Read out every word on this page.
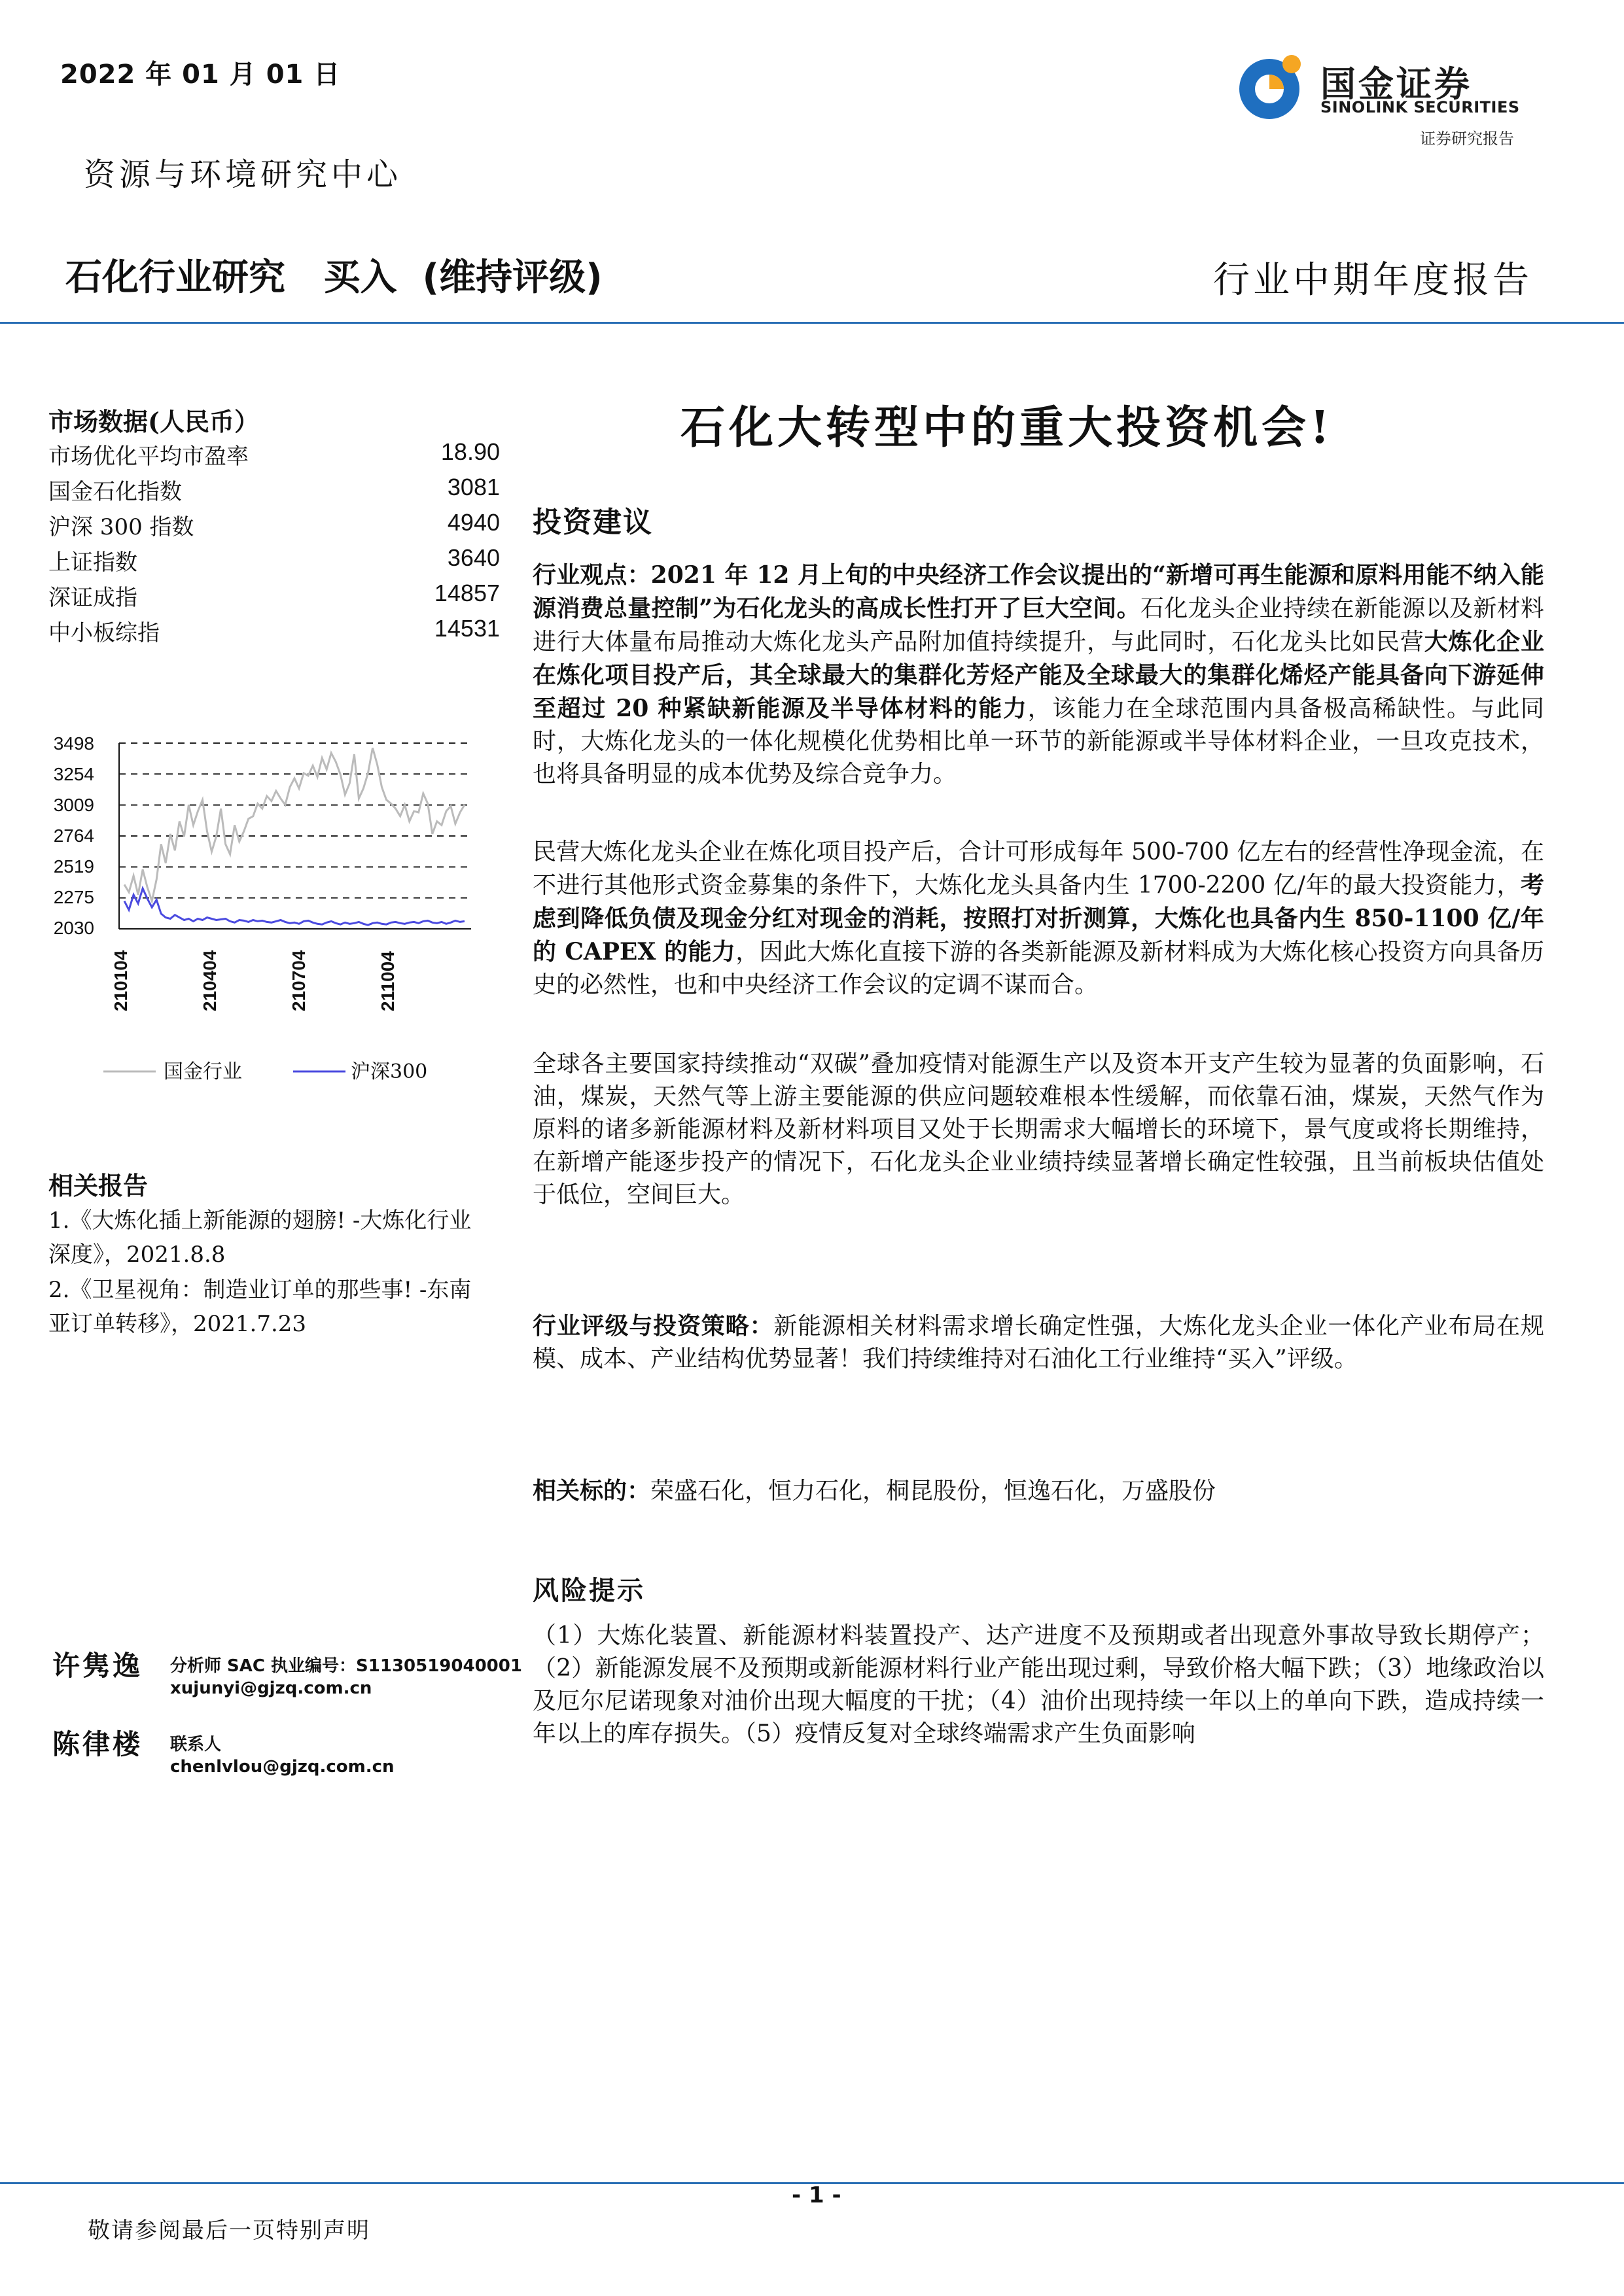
2022 年 01 月 01 日	国金证券
SINOLINK SECURITIES
证券研究报告
资源与环境研究中心
石化行业研究 买入 (维持评级)	行业中期年度报告
市场数据(人民币）
市场优化平均市盈率	18.90
国金石化指数	3081
沪深 300 指数	4940
上证指数	3640
深证成指	14857
中小板综指	14531
3498
3254
3009
2764
2519
2275
2030
210104	210404	210704	211004
国金行业	沪深300
相关报告
1.《大炼化插上新能源的翅膀! -大炼化行业
深度》，2021.8.8
2.《卫星视角：制造业订单的那些事! -东南
亚订单转移》，2021.7.23
许隽逸 分析师 SAC 执业编号：S1130519040001
xujunyi@gjzq.com.cn
陈律楼 联系人
chenlvlou@gjzq.com.cn
石化大转型中的重大投资机会!
投资建议

行业观点：2021 年 12 月上旬的中央经济工作会议提出的“新增可再生能源和原料用能不纳入能源消费总量控制”为石化龙头的高成长性打开了巨大空间。石化龙头企业持续在新能源以及新材料进行大体量布局推动大炼化龙头产品附加值持续提升，与此同时，石化龙头比如民营大炼化企业在炼化项目投产后，其全球最大的集群化芳烃产能及全球最大的集群化烯烃产能具备向下游延伸至超过 20 种紧缺新能源及半导体材料的能力，该能力在全球范围内具备极高稀缺性。与此同时，大炼化龙头的一体化规模化优势相比单一环节的新能源或半导体材料企业，一旦攻克技术，也将具备明显的成本优势及综合竞争力。

民营大炼化龙头企业在炼化项目投产后，合计可形成每年 500-700 亿左右的经营性净现金流，在不进行其他形式资金募集的条件下，大炼化龙头具备内生 1700-2200 亿/年的最大投资能力，考虑到降低负债及现金分红对现金的消耗，按照打对折测算，大炼化也具备内生 850-1100 亿/年的 CAPEX 的能力，因此大炼化直接下游的各类新能源及新材料成为大炼化核心投资方向具备历史的必然性，也和中央经济工作会议的定调不谋而合。

全球各主要国家持续推动“双碳”叠加疫情对能源生产以及资本开支产生较为显著的负面影响，石油，煤炭，天然气等上游主要能源的供应问题较难根本性缓解，而依靠石油，煤炭，天然气作为原料的诸多新能源材料及新材料项目又处于长期需求大幅增长的环境下，景气度或将长期维持，在新增产能逐步投产的情况下，石化龙头企业业绩持续显著增长确定性较强，且当前板块估值处于低位，空间巨大。

行业评级与投资策略：新能源相关材料需求增长确定性强，大炼化龙头企业一体化产业布局在规模、成本、产业结构优势显著！我们持续维持对石油化工行业维持“买入”评级。

相关标的：荣盛石化，恒力石化，桐昆股份，恒逸石化，万盛股份

风险提示

（1）大炼化装置、新能源材料装置投产、达产进度不及预期或者出现意外事故导致长期停产；（2）新能源发展不及预期或新能源材料行业产能出现过剩，导致价格大幅下跌；（3）地缘政治以及厄尔尼诺现象对油价出现大幅度的干扰；（4）油价出现持续一年以上的单向下跌，造成持续一年以上的库存损失。（5）疫情反复对全球终端需求产生负面影响

- 1 -
敬请参阅最后一页特别声明
